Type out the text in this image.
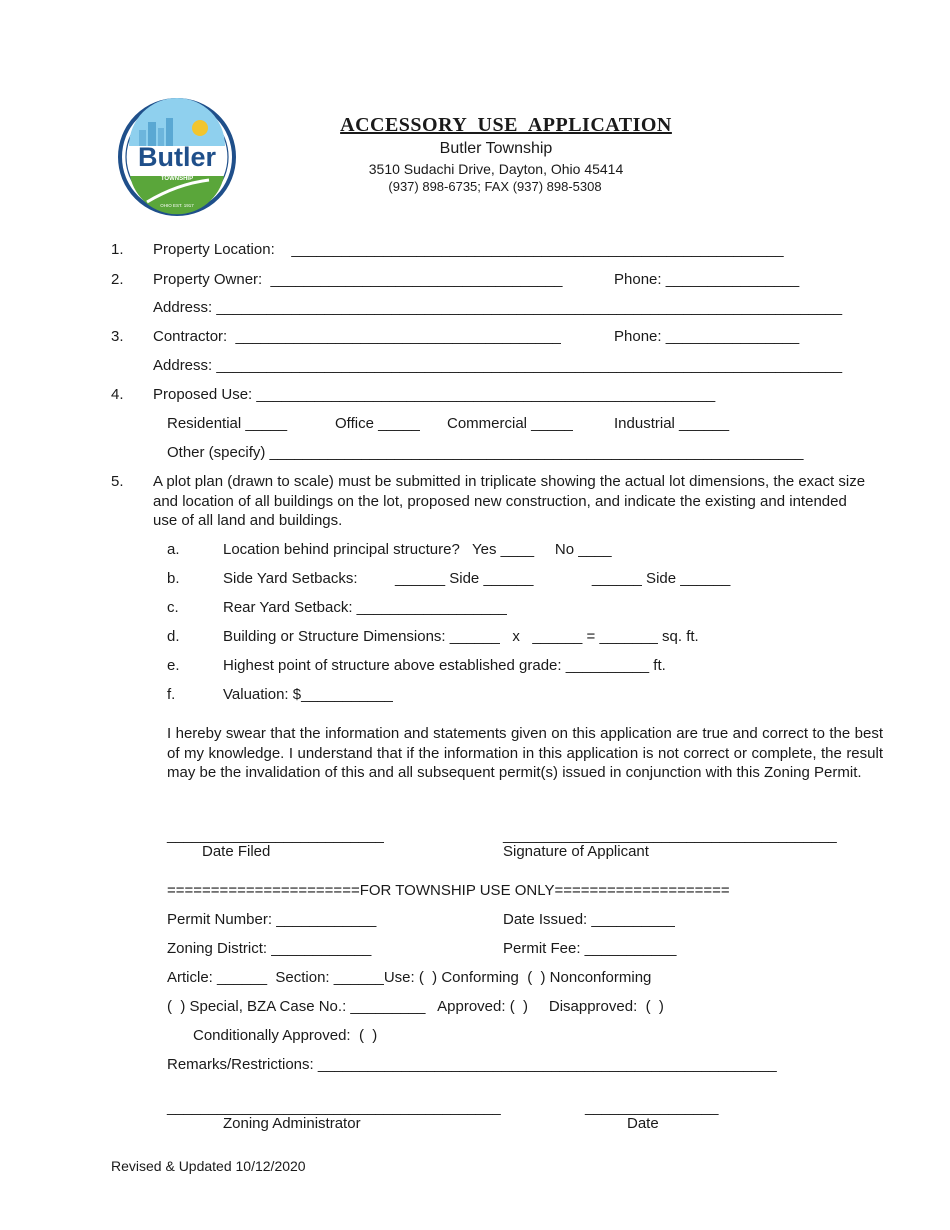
Butler
TOWNSHIP
OHIO EST. 1917
ACCESSORY  USE  APPLICATION
Butler Township
3510 Sudachi Drive, Dayton, Ohio 45414
(937) 898-6735; FAX (937) 898-5308
1. Property Location:    ___________________________________________________________
2. Property Owner:  ___________________________________	Phone: ________________
Address: ___________________________________________________________________________
3. Contractor:  _______________________________________	Phone: ________________
Address: ___________________________________________________________________________
4. Proposed Use: _______________________________________________________
Residential _____	Office _____ Commercial _____	Industrial ______
Other (specify) ________________________________________________________________
5. A plot plan (drawn to scale) must be submitted in triplicate showing the actual lot dimensions, the exact size and location of all buildings on the lot, proposed new construction, and indicate the existing and intended use of all land and buildings.
a.	Location behind principal structure?   Yes ____     No ____
b.	Side Yard Setbacks:         ______ Side ______              ______ Side ______
c.	Rear Yard Setback: __________________
d.	Building or Structure Dimensions: ______   x   ______ = _______ sq. ft.
e.	Highest point of structure above established grade: __________ ft.
f.	Valuation: $___________
I hereby swear that the information and statements given on this application are true and correct to the best of my knowledge. I understand that if the information in this application is not correct or complete, the result may be the invalidation of this and all subsequent permit(s) issued in conjunction with this Zoning Permit.
__________________________
Date Filed
________________________________________
Signature of Applicant
======================FOR TOWNSHIP USE ONLY====================
Permit Number: ____________	Date Issued: __________
Zoning District: ____________	Permit Fee: ___________
Article: ______  Section: ______Use: (  ) Conforming  (  ) Nonconforming
(  ) Special, BZA Case No.: _________   Approved: (  )     Disapproved:  (  )
Conditionally Approved:  (  )
Remarks/Restrictions: _______________________________________________________
________________________________________
Zoning Administrator
________________
Date
Revised & Updated 10/12/2020
